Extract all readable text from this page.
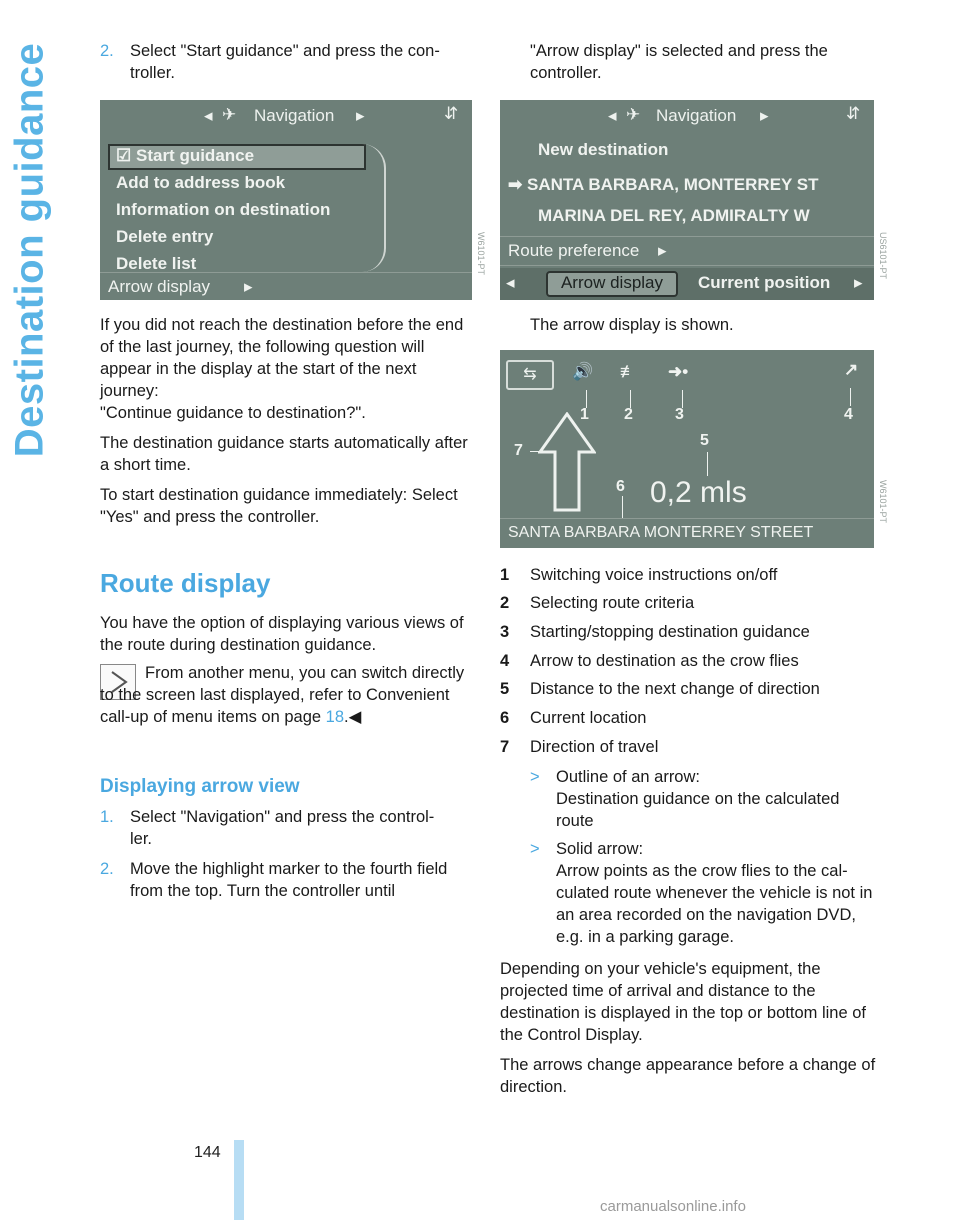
Destination guidance	2. Select "Start guidance" and press the con-
troller.
◂ ✈ Navigation ▸	⇵
☑ Start guidance
Add to address book
Information on destination
Delete entry
Delete list
Arrow display ▸
W6101-PT

If you did not reach the destination before the end of the last journey, the following question will appear in the display at the start of the next journey:

"Continue guidance to destination?".

The destination guidance starts automatically after a short time.

To start destination guidance immediately: Select "Yes" and press the controller.

Route display

You have the option of displaying various views of the route during destination guidance.

From another menu, you can switch directly to the screen last displayed, refer to Convenient call-up of menu items on page 18.◀

Displaying arrow view
1. Select "Navigation" and press the control-
ler.
2. Move the highlight marker to the fourth field from the top. Turn the controller until

"Arrow display" is selected and press the controller.

◂ ✈ Navigation ▸	⇵
New destination
➡ SANTA BARBARA, MONTERREY ST
MARINA DEL REY, ADMIRALTY W
Route preference ▸
◂	Arrow display	Current position ▸
US6101-PT

The arrow display is shown.

⇆	🔊 ≢ ➜•	↗
1 2	3	4
5
7
6 0,2 mls
SANTA BARBARA MONTERREY STREET
W6101-PT
1 Switching voice instructions on/off
2 Selecting route criteria
3 Starting/stopping destination guidance
4 Arrow to destination as the crow flies
5 Distance to the next change of direction
6 Current location
7 Direction of travel
> Outline of an arrow:
Destination guidance on the calculated route
> Solid arrow:
Arrow points as the crow flies to the cal-culated route whenever the vehicle is not in an area recorded on the navigation DVD, e.g. in a parking garage.

Depending on your vehicle's equipment, the projected time of arrival and distance to the destination is displayed in the top or bottom line of the Control Display.

The arrows change appearance before a change of direction.

144
carmanualsonline.info
